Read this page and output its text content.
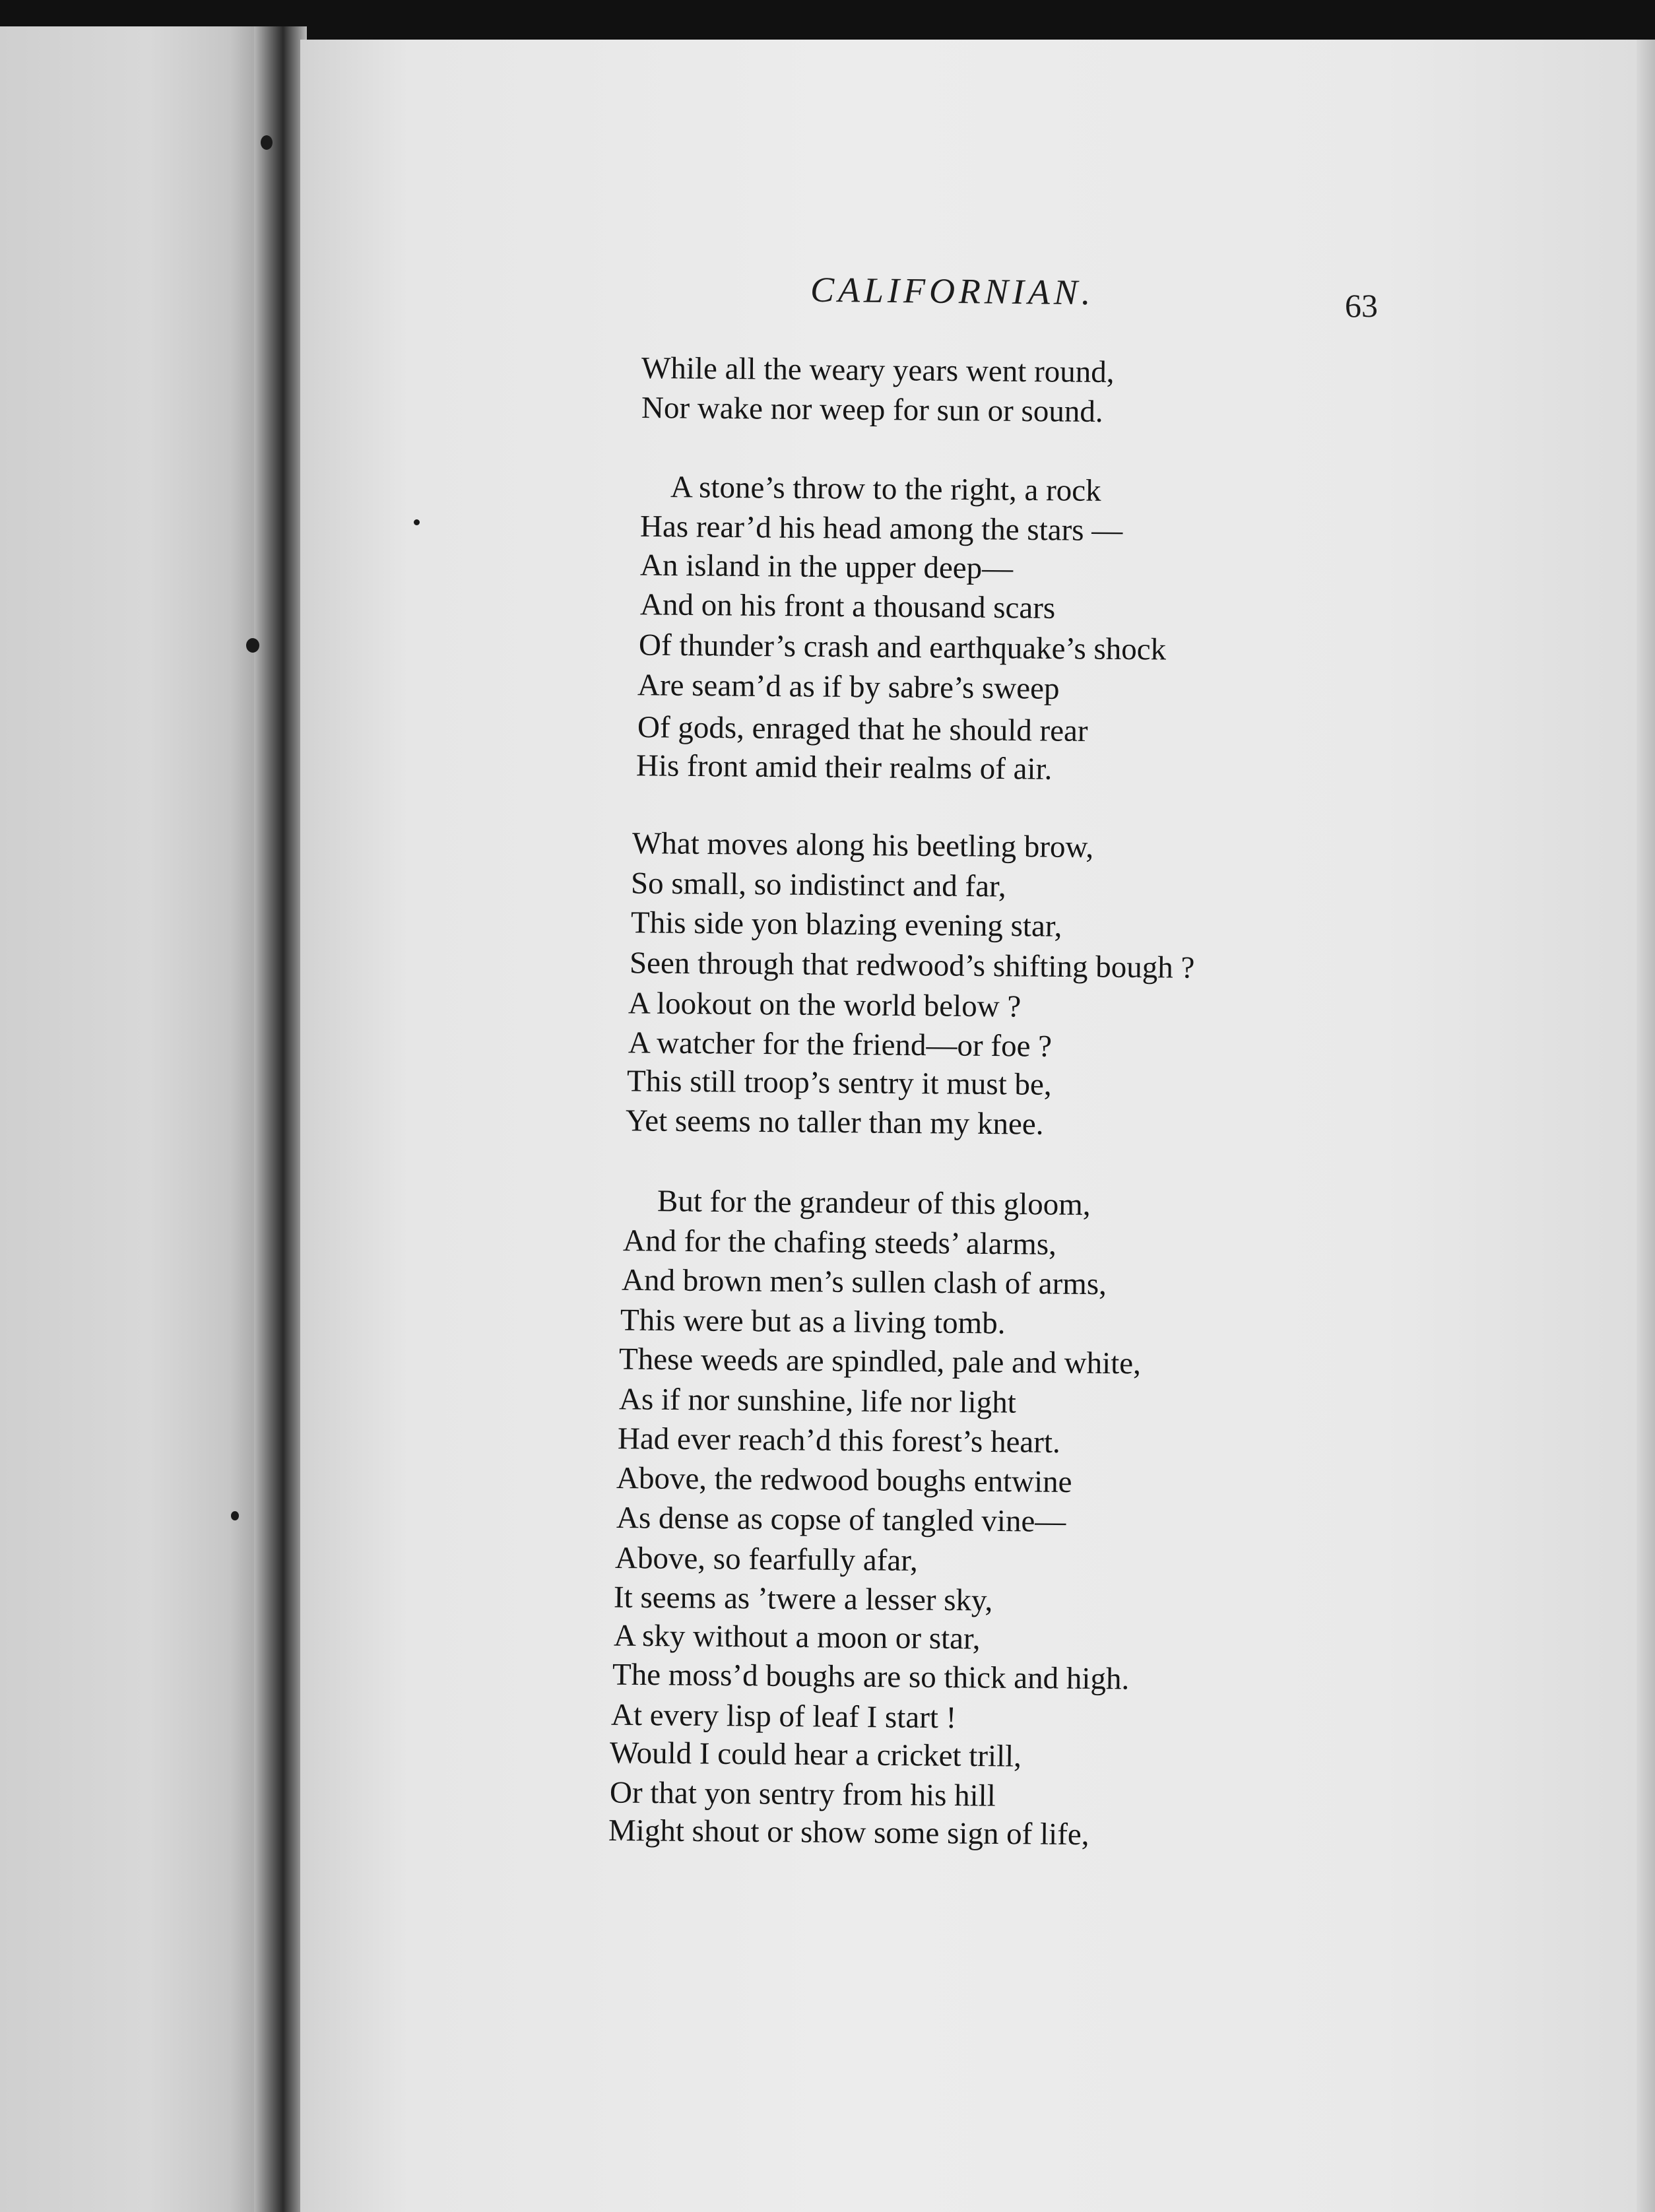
CALIFORNIAN.	63
While all the weary years went round,
Nor wake nor weep for sun or sound.
A stone’s throw to the right, a rock
Has rear’d his head among the stars —
An island in the upper deep—
And on his front a thousand scars
Of thunder’s crash and earthquake’s shock
Are seam’d as if by sabre’s sweep
Of gods, enraged that he should rear
His front amid their realms of air.
What moves along his beetling brow,
So small, so indistinct and far,
This side yon blazing evening star,
Seen through that redwood’s shifting bough ?
A lookout on the world below ?
A watcher for the friend—or foe ?
This still troop’s sentry it must be,
Yet seems no taller than my knee.
But for the grandeur of this gloom,
And for the chafing steeds’ alarms,
And brown men’s sullen clash of arms,
This were but as a living tomb.
These weeds are spindled, pale and white,
As if nor sunshine, life nor light
Had ever reach’d this forest’s heart.
Above, the redwood boughs entwine
As dense as copse of tangled vine—
Above, so fearfully afar,
It seems as ’twere a lesser sky,
A sky without a moon or star,
The moss’d boughs are so thick and high.
At every lisp of leaf I start !
Would I could hear a cricket trill,
Or that yon sentry from his hill
Might shout or show some sign of life,
